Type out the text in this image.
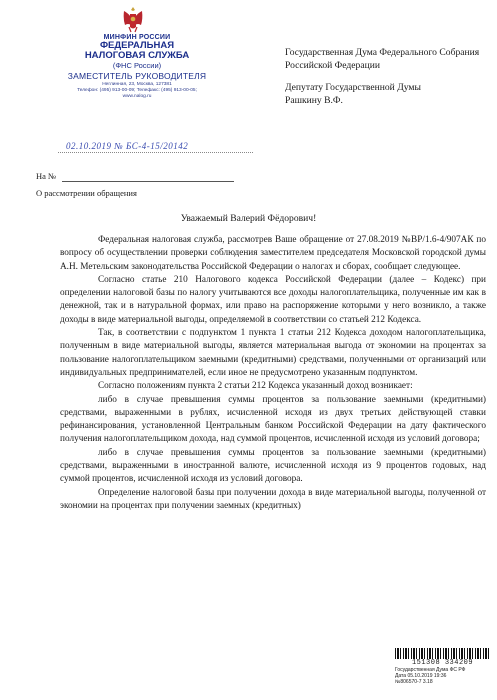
МИНФИН РОССИИ
ФЕДЕРАЛЬНАЯ
НАЛОГОВАЯ СЛУЖБА
(ФНС России)
ЗАМЕСТИТЕЛЬ РУКОВОДИТЕЛЯ
Неглинная, 23, Москва, 127381
Телефон: (495) 913-00-09; Телефакс: (495) 913-00-05;
www.nalog.ru
02.10.2019 № БС-4-15/20142
На №
О рассмотрении обращения

Государственная Дума Федерального Собрания Российской Федерации

Депутату Государственной Думы

Рашкину В.Ф.

Уважаемый Валерий Фёдорович!

Федеральная налоговая служба, рассмотрев Ваше обращение от 27.08.2019 №ВР/1.6-4/907АК по вопросу об осуществлении проверки соблюдения заместителем председателя Московской городской думы А.Н. Метельским законодательства Российской Федерации о налогах и сборах, сообщает следующее.

Согласно статье 210 Налогового кодекса Российской Федерации (далее – Кодекс) при определении налоговой базы по налогу учитываются все доходы налогоплательщика, полученные им как в денежной, так и в натуральной формах, или право на распоряжение которыми у него возникло, а также доходы в виде материальной выгоды, определяемой в соответствии со статьей 212 Кодекса.

Так, в соответствии с подпунктом 1 пункта 1 статьи 212 Кодекса доходом налогоплательщика, полученным в виде материальной выгоды, является материальная выгода от экономии на процентах за пользование налогоплательщиком заемными (кредитными) средствами, полученными от организаций или индивидуальных предпринимателей, если иное не предусмотрено указанным подпунктом.

Согласно положениям пункта 2 статьи 212 Кодекса указанный доход возникает:

либо в случае превышения суммы процентов за пользование заемными (кредитными) средствами, выраженными в рублях, исчисленной исходя из двух третьих действующей ставки рефинансирования, установленной Центральным банком Российской Федерации на дату фактического получения налогоплательщиком дохода, над суммой процентов, исчисленной исходя из условий договора;

либо в случае превышения суммы процентов за пользование заемными (кредитными) средствами, выраженными в иностранной валюте, исчисленной исходя из 9 процентов годовых, над суммой процентов, исчисленной исходя из условий договора.

Определение налоговой базы при получении дохода в виде материальной выгоды, полученной от экономии на процентах при получении заемных (кредитных)

151308 334209
Государственная Дума ФС РФ
Дата 05.10.2019 19:36
№806570-7 3.18
